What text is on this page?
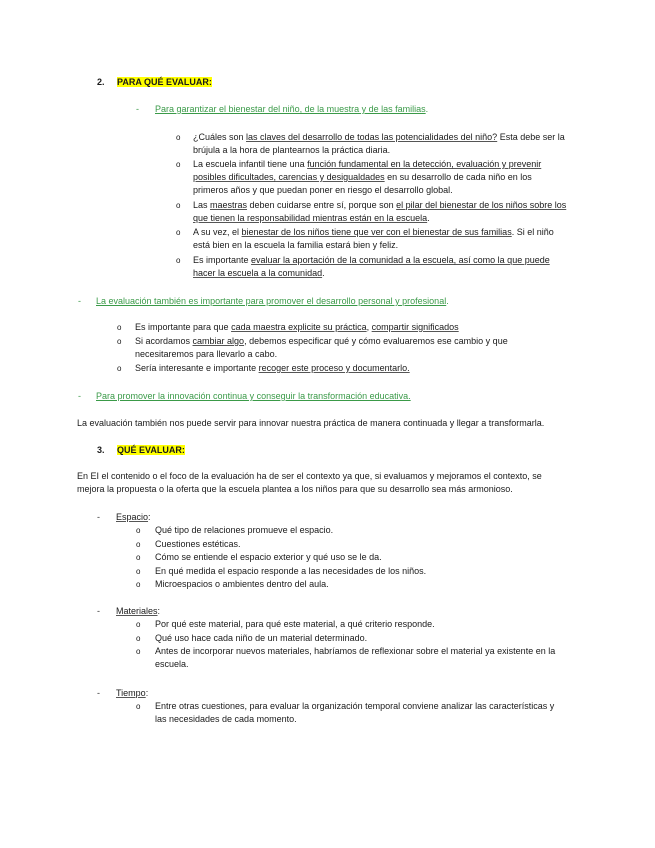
2. PARA QUÉ EVALUAR:
- Para garantizar el bienestar del niño, de la muestra y de las familias.
o ¿Cuáles son las claves del desarrollo de todas las potencialidades del niño? Esta debe ser la
brújula a la hora de plantearnos la práctica diaria.
o La escuela infantil tiene una función fundamental en la detección, evaluación y prevenir
posibles dificultades, carencias y desigualdades en su desarrollo de cada niño en los
primeros años y que puedan poner en riesgo el desarrollo global.
o Las maestras deben cuidarse entre sí, porque son el pilar del bienestar de los niños sobre los
que tienen la responsabilidad mientras están en la escuela.
o A su vez, el bienestar de los niños tiene que ver con el bienestar de sus familias. Si el niño
está bien en la escuela la familia estará bien y feliz.
o Es importante evaluar la aportación de la comunidad a la escuela, así como la que puede
hacer la escuela a la comunidad.
- La evaluación también es importante para promover el desarrollo personal y profesional.
o Es importante para que cada maestra explicite su práctica, compartir significados
o Si acordamos cambiar algo, debemos especificar qué y cómo evaluaremos ese cambio y que
necesitaremos para llevarlo a cabo.
o Sería interesante e importante recoger este proceso y documentarlo.
- Para promover la innovación continua y conseguir la transformación educativa.
La evaluación también nos puede servir para innovar nuestra práctica de manera continuada y llegar a transformarla.
3. QUÉ EVALUAR:
En EI el contenido o el foco de la evaluación ha de ser el contexto ya que, si evaluamos y mejoramos el contexto, se
mejora la propuesta o la oferta que la escuela plantea a los niños para que su desarrollo sea más armonioso.
- Espacio:
o Qué tipo de relaciones promueve el espacio.
o Cuestiones estéticas.
o Cómo se entiende el espacio exterior y qué uso se le da.
o En qué medida el espacio responde a las necesidades de los niños.
o Microespacios o ambientes dentro del aula.
- Materiales:
o Por qué este material, para qué este material, a qué criterio responde.
o Qué uso hace cada niño de un material determinado.
o Antes de incorporar nuevos materiales, habríamos de reflexionar sobre el material ya existente en la
escuela.
- Tiempo:
o Entre otras cuestiones, para evaluar la organización temporal conviene analizar las características y
las necesidades de cada momento.
